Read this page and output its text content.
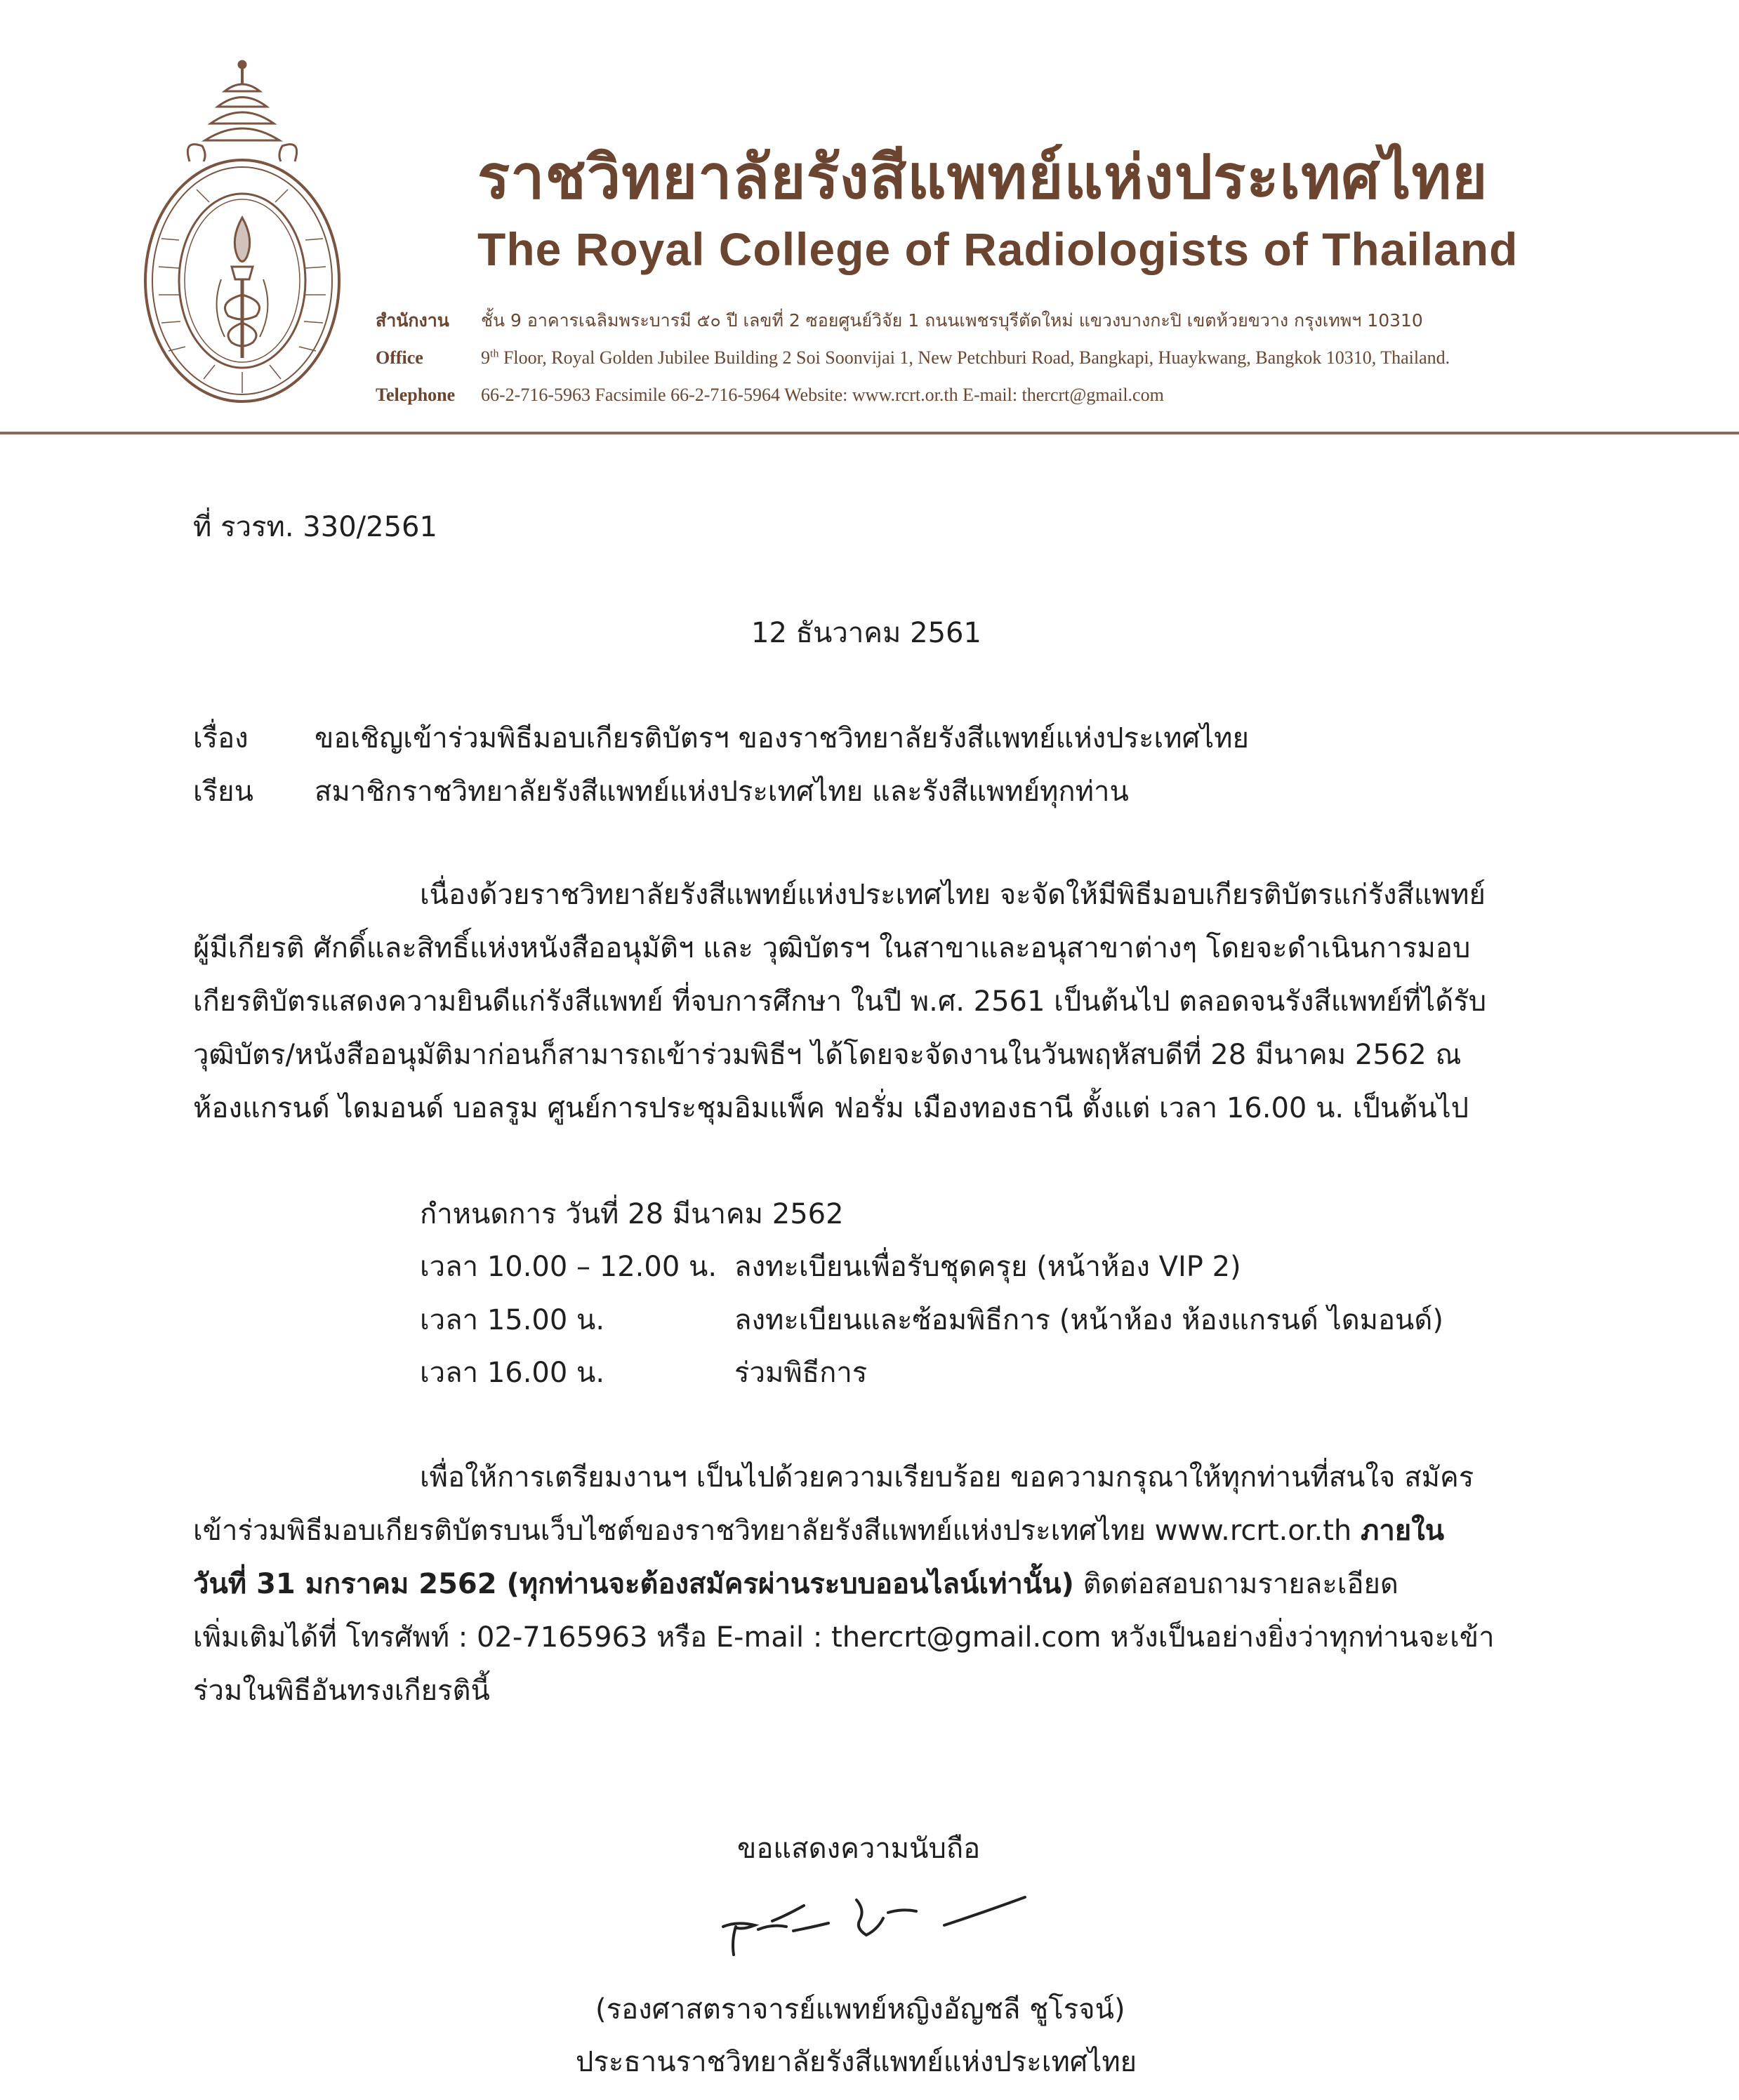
ราชวิทยาลัยรังสีแพทย์แห่งประเทศไทย
The Royal College of Radiologists of Thailand
สำนักงาน ชั้น 9 อาคารเฉลิมพระบารมี ๕๐ ปี เลขที่ 2 ซอยศูนย์วิจัย 1 ถนนเพชรบุรีตัดใหม่ แขวงบางกะปิ เขตห้วยขวาง กรุงเทพฯ 10310
Office	9th Floor, Royal Golden Jubilee Building 2 Soi Soonvijai 1, New Petchburi Road, Bangkapi, Huaykwang, Bangkok 10310, Thailand.
Telephone 66-2-716-5963 Facsimile 66-2-716-5964 Website: www.rcrt.or.th E-mail: thercrt@gmail.com
ที่ รวรท. 330/2561
12 ธันวาคม 2561
เรื่อง ขอเชิญเข้าร่วมพิธีมอบเกียรติบัตรฯ ของราชวิทยาลัยรังสีแพทย์แห่งประเทศไทย
เรียน สมาชิกราชวิทยาลัยรังสีแพทย์แห่งประเทศไทย และรังสีแพทย์ทุกท่าน
เนื่องด้วยราชวิทยาลัยรังสีแพทย์แห่งประเทศไทย จะจัดให้มีพิธีมอบเกียรติบัตรแก่รังสีแพทย์
ผู้มีเกียรติ ศักดิ์และสิทธิ์แห่งหนังสืออนุมัติฯ และ วุฒิบัตรฯ ในสาขาและอนุสาขาต่างๆ โดยจะดำเนินการมอบ
เกียรติบัตรแสดงความยินดีแก่รังสีแพทย์ ที่จบการศึกษา ในปี พ.ศ. 2561 เป็นต้นไป ตลอดจนรังสีแพทย์ที่ได้รับ
วุฒิบัตร/หนังสืออนุมัติมาก่อนก็สามารถเข้าร่วมพิธีฯ ได้โดยจะจัดงานในวันพฤหัสบดีที่ 28 มีนาคม 2562 ณ
ห้องแกรนด์ ไดมอนด์ บอลรูม ศูนย์การประชุมอิมแพ็ค ฟอรั่ม เมืองทองธานี ตั้งแต่ เวลา 16.00 น. เป็นต้นไป
กำหนดการ วันที่ 28 มีนาคม 2562
เวลา 10.00 – 12.00 น. ลงทะเบียนเพื่อรับชุดครุย (หน้าห้อง VIP 2)
เวลา 15.00 น.	ลงทะเบียนและซ้อมพิธีการ (หน้าห้อง ห้องแกรนด์ ไดมอนด์)
เวลา 16.00 น.	ร่วมพิธีการ
เพื่อให้การเตรียมงานฯ เป็นไปด้วยความเรียบร้อย ขอความกรุณาให้ทุกท่านที่สนใจ สมัคร
เข้าร่วมพิธีมอบเกียรติบัตรบนเว็บไซต์ของราชวิทยาลัยรังสีแพทย์แห่งประเทศไทย www.rcrt.or.th ภายใน
วันที่ 31 มกราคม 2562 (ทุกท่านจะต้องสมัครผ่านระบบออนไลน์เท่านั้น) ติดต่อสอบถามรายละเอียด
เพิ่มเติมได้ที่ โทรศัพท์ : 02-7165963 หรือ E-mail : thercrt@gmail.com หวังเป็นอย่างยิ่งว่าทุกท่านจะเข้า
ร่วมในพิธีอันทรงเกียรตินี้
ขอแสดงความนับถือ
(รองศาสตราจารย์แพทย์หญิงอัญชลี ชูโรจน์)
ประธานราชวิทยาลัยรังสีแพทย์แห่งประเทศไทย
